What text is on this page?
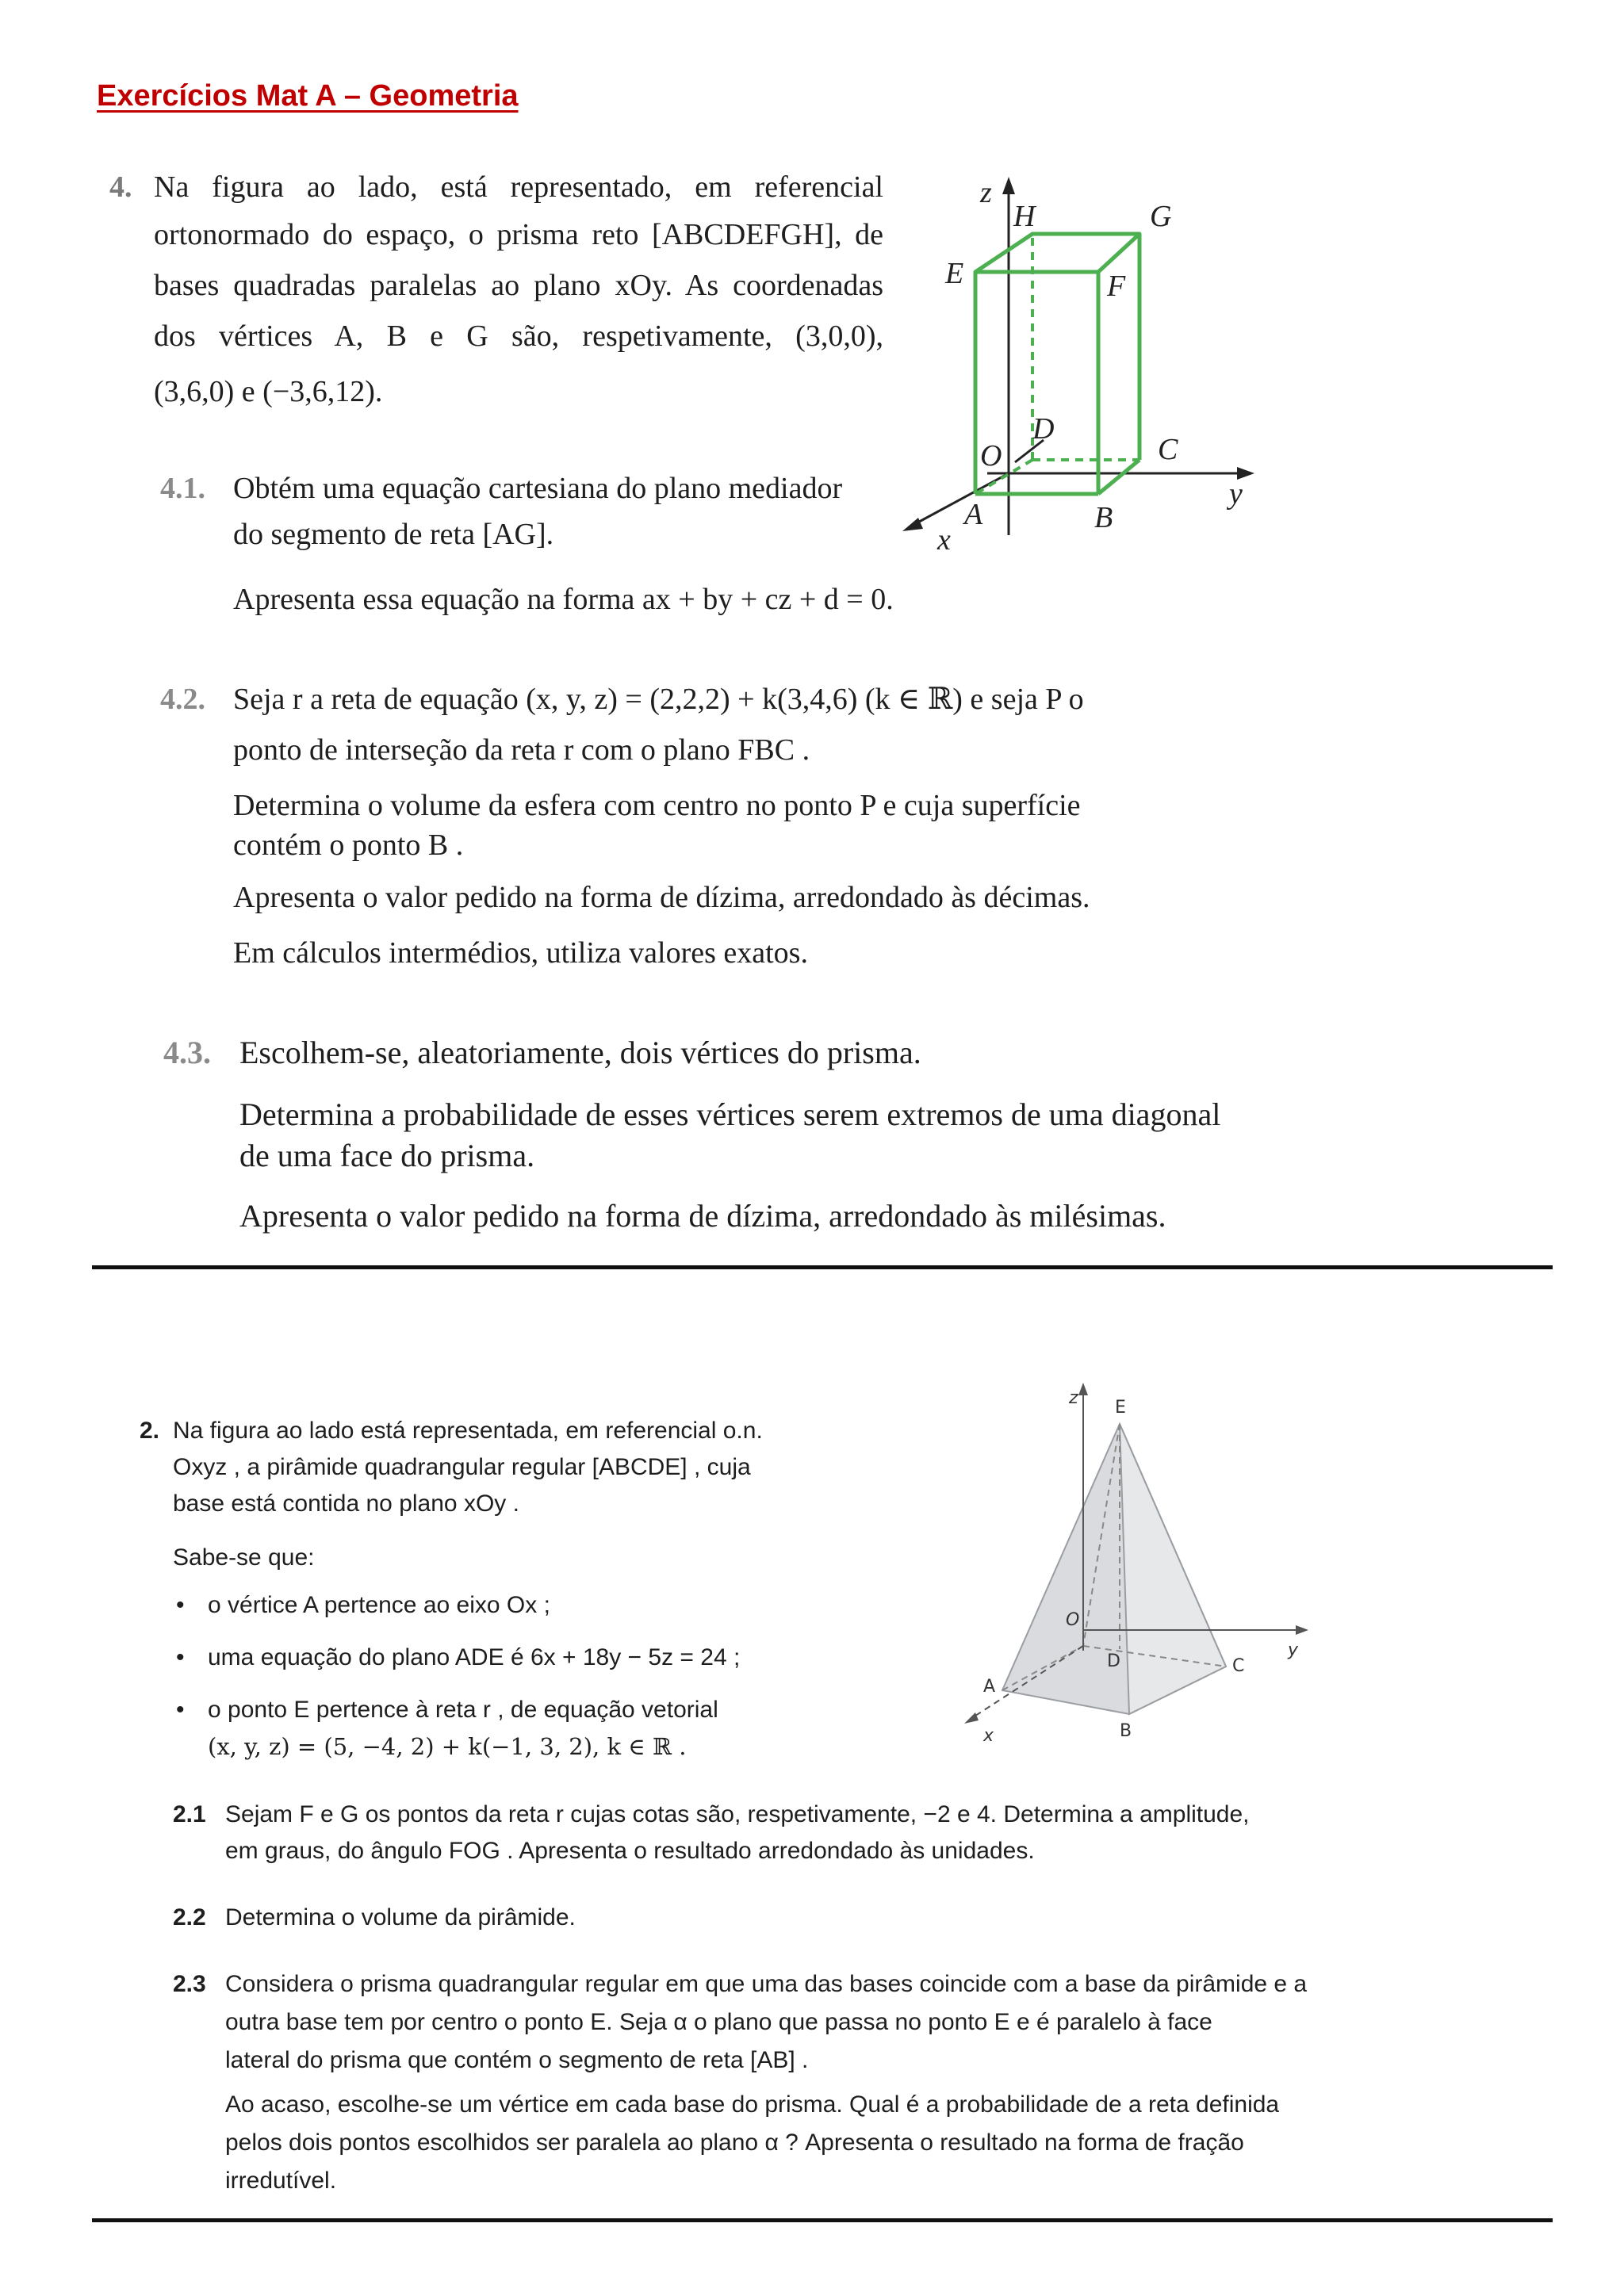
Exercícios Mat A – Geometria
4. Na figura ao lado, está representado, em referencial
ortonormado do espaço, o prisma reto [ABCDEFGH], de
bases quadradas paralelas ao plano xOy. As coordenadas
dos vértices A, B e G são, respetivamente, (3,0,0),
(3,6,0) e (−3,6,12).
4.1. Obtém uma equação cartesiana do plano mediador
do segmento de reta [AG].
Apresenta essa equação na forma ax + by + cz + d = 0.
4.2. Seja r a reta de equação (x, y, z) = (2,2,2) + k(3,4,6) (k ∈ ℝ) e seja P o
ponto de interseção da reta r com o plano FBC .
Determina o volume da esfera com centro no ponto P e cuja superfície
contém o ponto B .
Apresenta o valor pedido na forma de dízima, arredondado às décimas.
Em cálculos intermédios, utiliza valores exatos.
4.3. Escolhem-se, aleatoriamente, dois vértices do prisma.
Determina a probabilidade de esses vértices serem extremos de uma diagonal
de uma face do prisma.
Apresenta o valor pedido na forma de dízima, arredondado às milésimas.
z
y
x
H	G
E	F
O
D
C
A	B
2. Na figura ao lado está representada, em referencial o.n.
Oxyz , a pirâmide quadrangular regular [ABCDE] , cuja
base está contida no plano xOy .
Sabe-se que:
• o vértice A pertence ao eixo Ox ;
• uma equação do plano ADE é 6x + 18y − 5z = 24 ;
• o ponto E pertence à reta r , de equação vetorial
(x, y, z) = (5, −4, 2) + k(−1, 3, 2), k ∈ ℝ .
2.1 Sejam F e G os pontos da reta r cujas cotas são, respetivamente, −2 e 4. Determina a amplitude,
em graus, do ângulo FOG . Apresenta o resultado arredondado às unidades.
2.2 Determina o volume da pirâmide.
2.3 Considera o prisma quadrangular regular em que uma das bases coincide com a base da pirâmide e a
outra base tem por centro o ponto E. Seja α o plano que passa no ponto E e é paralelo à face
lateral do prisma que contém o segmento de reta [AB] .
Ao acaso, escolhe-se um vértice em cada base do prisma. Qual é a probabilidade de a reta definida
pelos dois pontos escolhidos ser paralela ao plano α ? Apresenta o resultado na forma de fração
irredutível.
z E
O
y
D	C
A
B
x
